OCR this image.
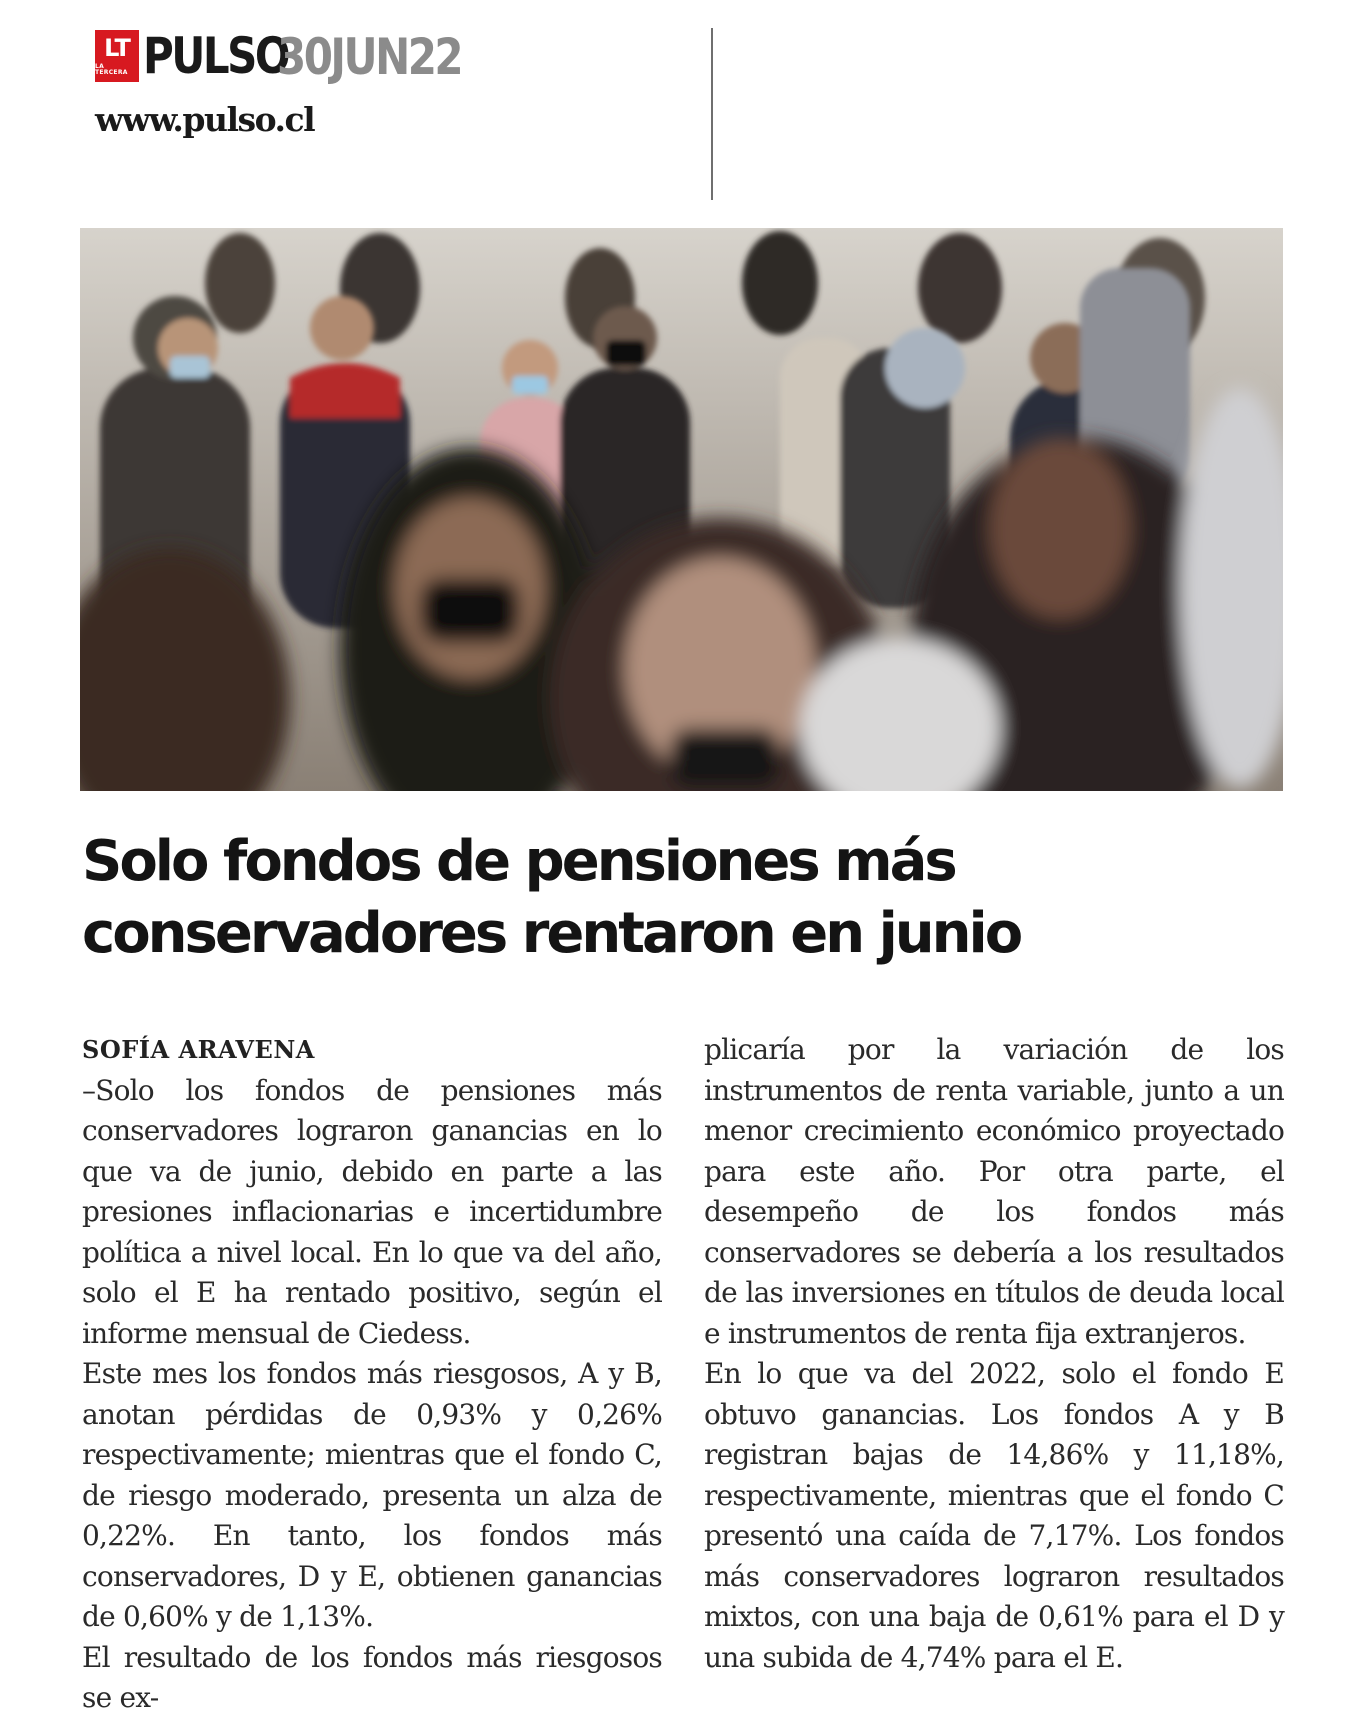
LT
LA TERCERA PULSO
30JUN22
www.pulso.cl
Solo fondos de pensiones más
conservadores rentaron en junio
SOFÍA ARAVENA

–Solo los fondos de pensiones más conservadores lograron ganancias en lo que va de junio, debido en parte a las presiones inflacionarias e incertidumbre política a nivel local. En lo que va del año, solo el E ha rentado positivo, según el informe mensual de Ciedess.

Este mes los fondos más riesgosos, A y B, anotan pérdidas de 0,93% y 0,26% respectivamente; mientras que el fondo C, de riesgo moderado, presenta un alza de 0,22%. En tanto, los fondos más conservadores, D y E, obtienen ganancias de 0,60% y de 1,13%.

El resultado de los fondos más riesgosos se ex-

plicaría por la variación de los instrumentos de renta variable, junto a un menor crecimiento económico proyectado para este año. Por otra parte, el desempeño de los fondos más conservadores se debería a los resultados de las inversiones en títulos de deuda local e instrumentos de renta fija extranjeros.

En lo que va del 2022, solo el fondo E obtuvo ganancias. Los fondos A y B registran bajas de 14,86% y 11,18%, respectivamente, mientras que el fondo C presentó una caída de 7,17%. Los fondos más conservadores lograron resultados mixtos, con una baja de 0,61% para el D y una subida de 4,74% para el E.
